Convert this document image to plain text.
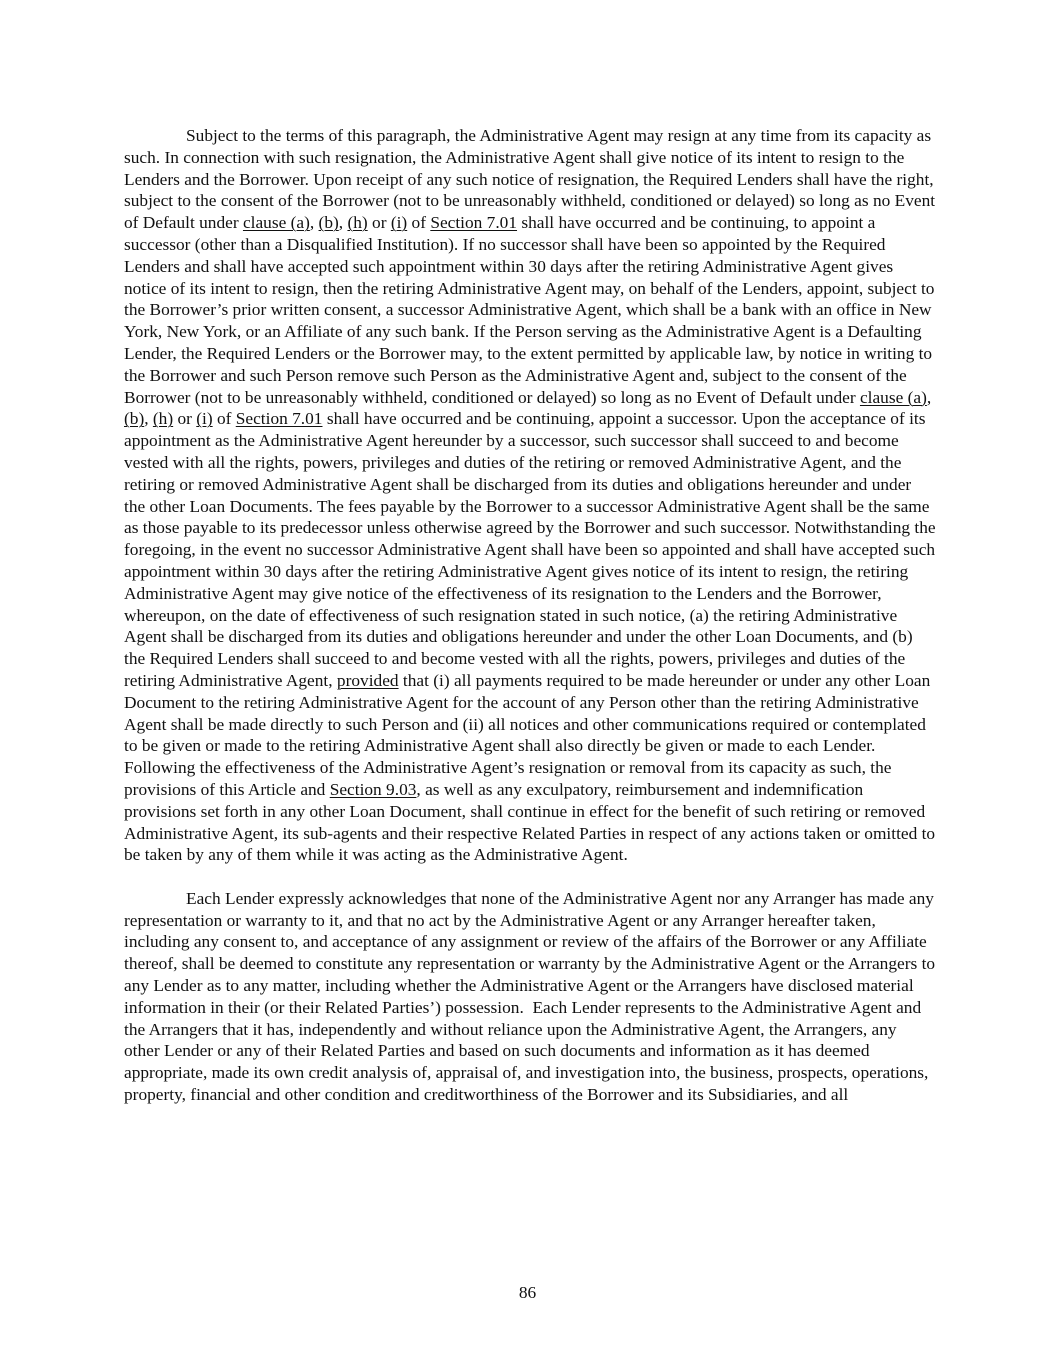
Subject to the terms of this paragraph, the Administrative Agent may resign at any time from its capacity as such. In connection with such resignation, the Administrative Agent shall give notice of its intent to resign to the Lenders and the Borrower. Upon receipt of any such notice of resignation, the Required Lenders shall have the right, subject to the consent of the Borrower (not to be unreasonably withheld, conditioned or delayed) so long as no Event of Default under clause (a), (b), (h) or (i) of Section 7.01 shall have occurred and be continuing, to appoint a successor (other than a Disqualified Institution). If no successor shall have been so appointed by the Required Lenders and shall have accepted such appointment within 30 days after the retiring Administrative Agent gives notice of its intent to resign, then the retiring Administrative Agent may, on behalf of the Lenders, appoint, subject to the Borrower’s prior written consent, a successor Administrative Agent, which shall be a bank with an office in New York, New York, or an Affiliate of any such bank. If the Person serving as the Administrative Agent is a Defaulting Lender, the Required Lenders or the Borrower may, to the extent permitted by applicable law, by notice in writing to the Borrower and such Person remove such Person as the Administrative Agent and, subject to the consent of the Borrower (not to be unreasonably withheld, conditioned or delayed) so long as no Event of Default under clause (a), (b), (h) or (i) of Section 7.01 shall have occurred and be continuing, appoint a successor. Upon the acceptance of its appointment as the Administrative Agent hereunder by a successor, such successor shall succeed to and become vested with all the rights, powers, privileges and duties of the retiring or removed Administrative Agent, and the retiring or removed Administrative Agent shall be discharged from its duties and obligations hereunder and under the other Loan Documents. The fees payable by the Borrower to a successor Administrative Agent shall be the same as those payable to its predecessor unless otherwise agreed by the Borrower and such successor. Notwithstanding the foregoing, in the event no successor Administrative Agent shall have been so appointed and shall have accepted such appointment within 30 days after the retiring Administrative Agent gives notice of its intent to resign, the retiring Administrative Agent may give notice of the effectiveness of its resignation to the Lenders and the Borrower, whereupon, on the date of effectiveness of such resignation stated in such notice, (a) the retiring Administrative Agent shall be discharged from its duties and obligations hereunder and under the other Loan Documents, and (b) the Required Lenders shall succeed to and become vested with all the rights, powers, privileges and duties of the retiring Administrative Agent, provided that (i) all payments required to be made hereunder or under any other Loan Document to the retiring Administrative Agent for the account of any Person other than the retiring Administrative Agent shall be made directly to such Person and (ii) all notices and other communications required or contemplated to be given or made to the retiring Administrative Agent shall also directly be given or made to each Lender. Following the effectiveness of the Administrative Agent’s resignation or removal from its capacity as such, the provisions of this Article and Section 9.03, as well as any exculpatory, reimbursement and indemnification provisions set forth in any other Loan Document, shall continue in effect for the benefit of such retiring or removed Administrative Agent, its sub-agents and their respective Related Parties in respect of any actions taken or omitted to be taken by any of them while it was acting as the Administrative Agent.

Each Lender expressly acknowledges that none of the Administrative Agent nor any Arranger has made any representation or warranty to it, and that no act by the Administrative Agent or any Arranger hereafter taken, including any consent to, and acceptance of any assignment or review of the affairs of the Borrower or any Affiliate thereof, shall be deemed to constitute any representation or warranty by the Administrative Agent or the Arrangers to any Lender as to any matter, including whether the Administrative Agent or the Arrangers have disclosed material information in their (or their Related Parties’) possession.  Each Lender represents to the Administrative Agent and the Arrangers that it has, independently and without reliance upon the Administrative Agent, the Arrangers, any other Lender or any of their Related Parties and based on such documents and information as it has deemed appropriate, made its own credit analysis of, appraisal of, and investigation into, the business, prospects, operations, property, financial and other condition and creditworthiness of the Borrower and its Subsidiaries, and all

86
